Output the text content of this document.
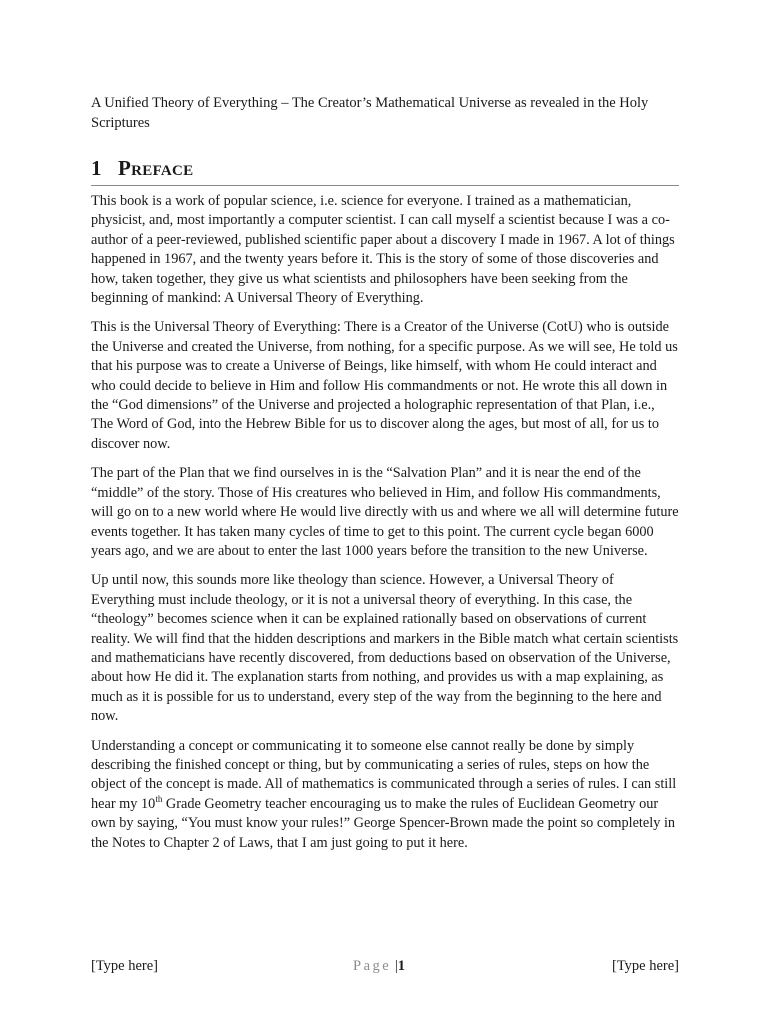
A Unified Theory of Everything – The Creator’s Mathematical Universe as revealed in the Holy Scriptures
1 Preface

This book is a work of popular science, i.e. science for everyone. I trained as a mathematician, physicist, and, most importantly a computer scientist. I can call myself a scientist because I was a co-author of a peer-reviewed, published scientific paper about a discovery I made in 1967. A lot of things happened in 1967, and the twenty years before it. This is the story of some of those discoveries and how, taken together, they give us what scientists and philosophers have been seeking from the beginning of mankind: A Universal Theory of Everything.

This is the Universal Theory of Everything: There is a Creator of the Universe (CotU) who is outside the Universe and created the Universe, from nothing, for a specific purpose. As we will see, He told us that his purpose was to create a Universe of Beings, like himself, with whom He could interact and who could decide to believe in Him and follow His commandments or not. He wrote this all down in the “God dimensions” of the Universe and projected a holographic representation of that Plan, i.e., The Word of God, into the Hebrew Bible for us to discover along the ages, but most of all, for us to discover now.

The part of the Plan that we find ourselves in is the “Salvation Plan” and it is near the end of the “middle” of the story. Those of His creatures who believed in Him, and follow His commandments, will go on to a new world where He would live directly with us and where we all will determine future events together. It has taken many cycles of time to get to this point. The current cycle began 6000 years ago, and we are about to enter the last 1000 years before the transition to the new Universe.

Up until now, this sounds more like theology than science. However, a Universal Theory of Everything must include theology, or it is not a universal theory of everything. In this case, the “theology” becomes science when it can be explained rationally based on observations of current reality. We will find that the hidden descriptions and markers in the Bible match what certain scientists and mathematicians have recently discovered, from deductions based on observation of the Universe, about how He did it. The explanation starts from nothing, and provides us with a map explaining, as much as it is possible for us to understand, every step of the way from the beginning to the here and now.

Understanding a concept or communicating it to someone else cannot really be done by simply describing the finished concept or thing, but by communicating a series of rules, steps on how the object of the concept is made. All of mathematics is communicated through a series of rules. I can still hear my 10th Grade Geometry teacher encouraging us to make the rules of Euclidean Geometry our own by saying, “You must know your rules!” George Spencer-Brown made the point so completely in the Notes to Chapter 2 of Laws, that I am just going to put it here.

[Type here]	Page |1	[Type here]
